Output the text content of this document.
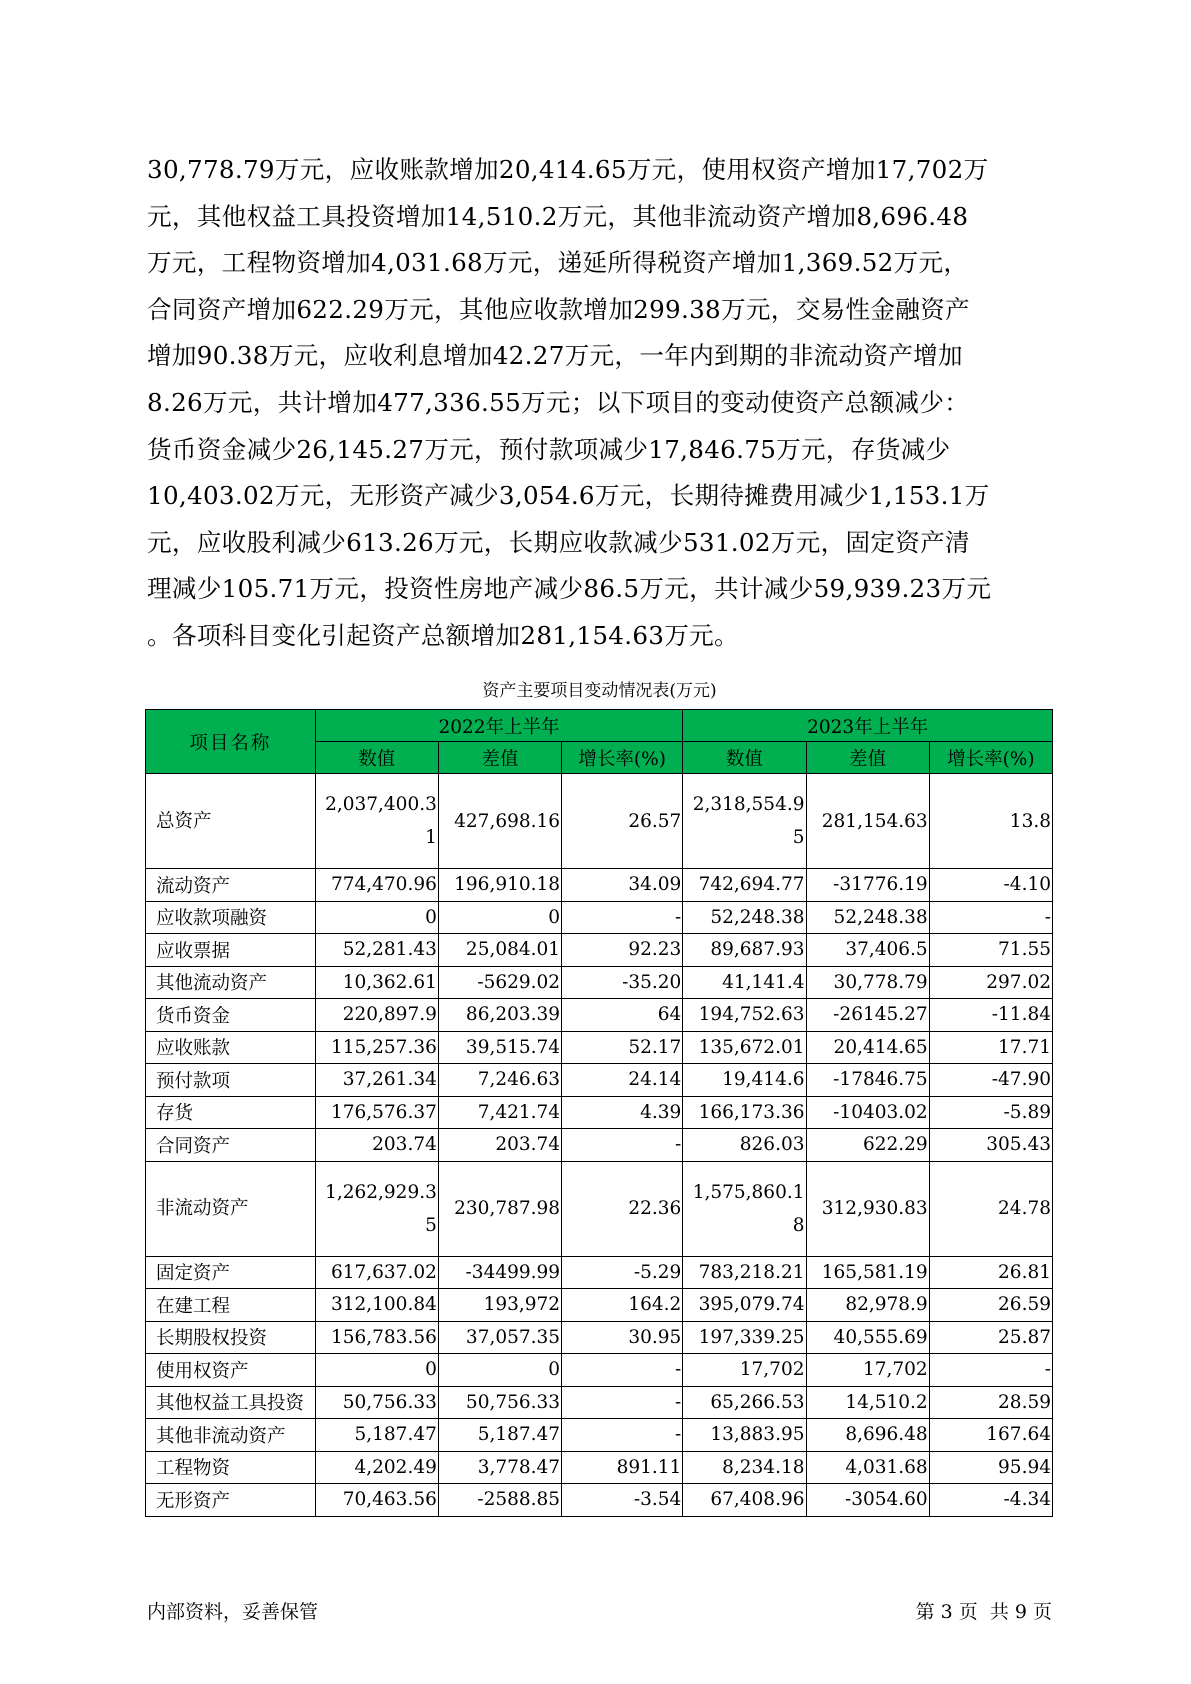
30,778.79万元，应收账款增加20,414.65万元，使用权资产增加17,702万
元，其他权益工具投资增加14,510.2万元，其他非流动资产增加8,696.48
万元，工程物资增加4,031.68万元，递延所得税资产增加1,369.52万元，
合同资产增加622.29万元，其他应收款增加299.38万元，交易性金融资产
增加90.38万元，应收利息增加42.27万元，一年内到期的非流动资产增加
8.26万元，共计增加477,336.55万元；以下项目的变动使资产总额减少：
货币资金减少26,145.27万元，预付款项减少17,846.75万元，存货减少
10,403.02万元，无形资产减少3,054.6万元，长期待摊费用减少1,153.1万
元，应收股利减少613.26万元，长期应收款减少531.02万元，固定资产清
理减少105.71万元，投资性房地产减少86.5万元，共计减少59,939.23万元
。各项科目变化引起资产总额增加281,154.63万元。
资产主要项目变动情况表(万元)
项目名称	2022年上半年			2023年上半年		
	数值	差值	增长率(%)	数值	差值	增长率(%)
总资产	2,037,400.31	427,698.16	26.57	2,318,554.95	281,154.63	13.8
流动资产	774,470.96	196,910.18	34.09	742,694.77	-31776.19	-4.10
应收款项融资	0	0	-	52,248.38	52,248.38	-
应收票据	52,281.43	25,084.01	92.23	89,687.93	37,406.5	71.55
其他流动资产	10,362.61	-5629.02	-35.20	41,141.4	30,778.79	297.02
货币资金	220,897.9	86,203.39	64	194,752.63	-26145.27	-11.84
应收账款	115,257.36	39,515.74	52.17	135,672.01	20,414.65	17.71
预付款项	37,261.34	7,246.63	24.14	19,414.6	-17846.75	-47.90
存货	176,576.37	7,421.74	4.39	166,173.36	-10403.02	-5.89
合同资产	203.74	203.74	-	826.03	622.29	305.43
非流动资产	1,262,929.35	230,787.98	22.36	1,575,860.18	312,930.83	24.78
固定资产	617,637.02	-34499.99	-5.29	783,218.21	165,581.19	26.81
在建工程	312,100.84	193,972	164.2	395,079.74	82,978.9	26.59
长期股权投资	156,783.56	37,057.35	30.95	197,339.25	40,555.69	25.87
使用权资产	0	0	-	17,702	17,702	-
其他权益工具投资	50,756.33	50,756.33	-	65,266.53	14,510.2	28.59
其他非流动资产	5,187.47	5,187.47	-	13,883.95	8,696.48	167.64
工程物资	4,202.49	3,778.47	891.11	8,234.18	4,031.68	95.94
无形资产	70,463.56	-2588.85	-3.54	67,408.96	-3054.60	-4.34
内部资料，妥善保管	第 3 页  共 9 页
